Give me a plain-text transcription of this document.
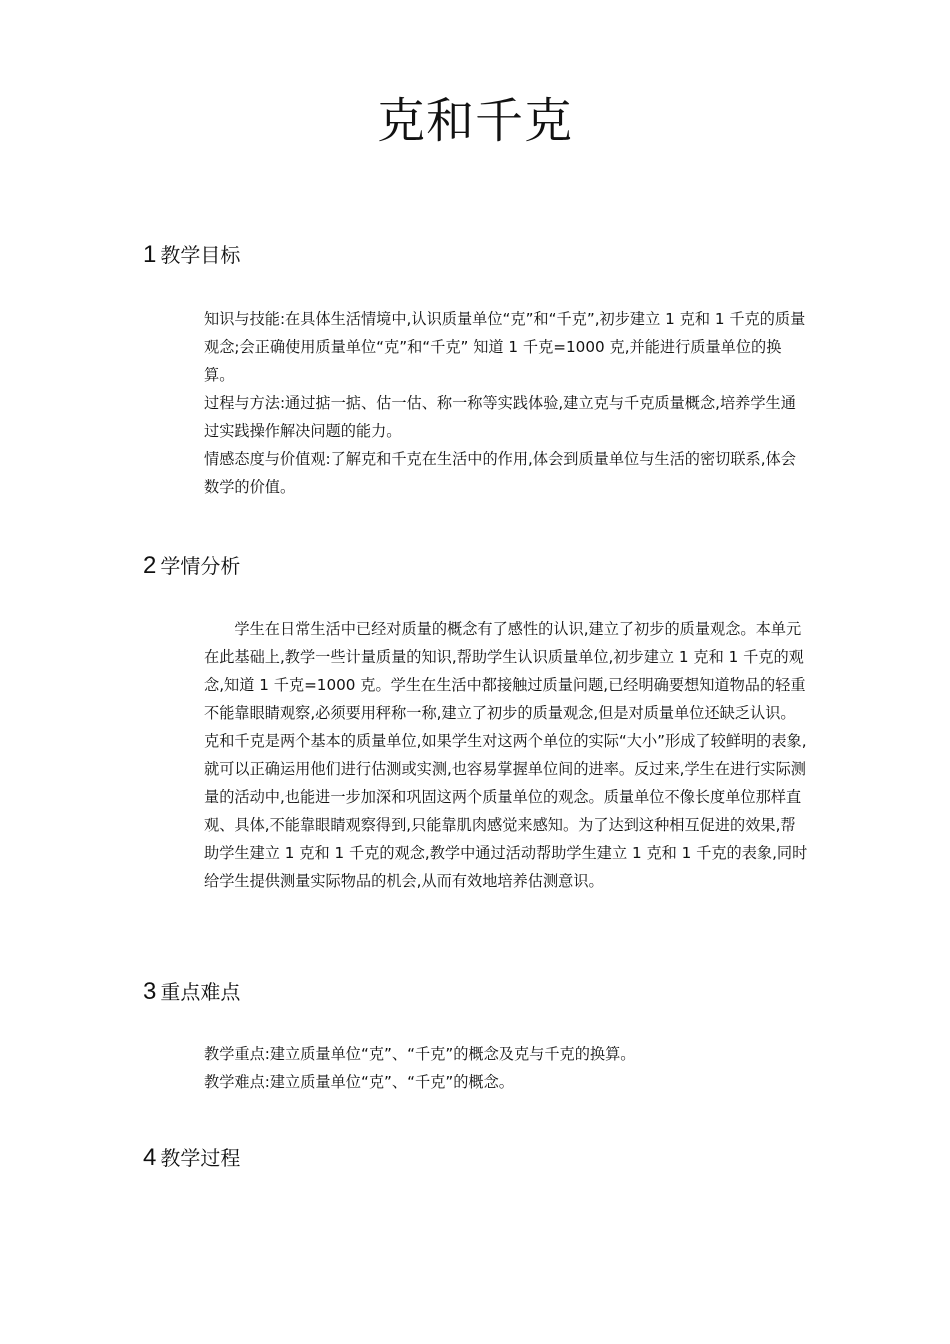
克和千克
1 教学目标

知识与技能:在具体生活情境中,认识质量单位“克”和“千克”,初步建立 1 克和 1 千克的质量观念;会正确使用质量单位“克”和“千克” 知道 1 千克=1000 克,并能进行质量单位的换算。

过程与方法:通过掂一掂、估一估、称一称等实践体验,建立克与千克质量概念,培养学生通过实践操作解决问题的能力。

情感态度与价值观:了解克和千克在生活中的作用,体会到质量单位与生活的密切联系,体会数学的价值。

2 学情分析

学生在日常生活中已经对质量的概念有了感性的认识,建立了初步的质量观念。本单元在此基础上,教学一些计量质量的知识,帮助学生认识质量单位,初步建立 1 克和 1 千克的观念,知道 1 千克=1000 克。学生在生活中都接触过质量问题,已经明确要想知道物品的轻重不能靠眼睛观察,必须要用秤称一称,建立了初步的质量观念,但是对质量单位还缺乏认识。克和千克是两个基本的质量单位,如果学生对这两个单位的实际“大小”形成了较鲜明的表象,就可以正确运用他们进行估测或实测,也容易掌握单位间的进率。反过来,学生在进行实际测量的活动中,也能进一步加深和巩固这两个质量单位的观念。质量单位不像长度单位那样直观、具体,不能靠眼睛观察得到,只能靠肌肉感觉来感知。为了达到这种相互促进的效果,帮助学生建立 1 克和 1 千克的观念,教学中通过活动帮助学生建立 1 克和 1 千克的表象,同时给学生提供测量实际物品的机会,从而有效地培养估测意识。

3 重点难点

教学重点:建立质量单位“克”、“千克”的概念及克与千克的换算。

教学难点:建立质量单位“克”、“千克”的概念。

4 教学过程
